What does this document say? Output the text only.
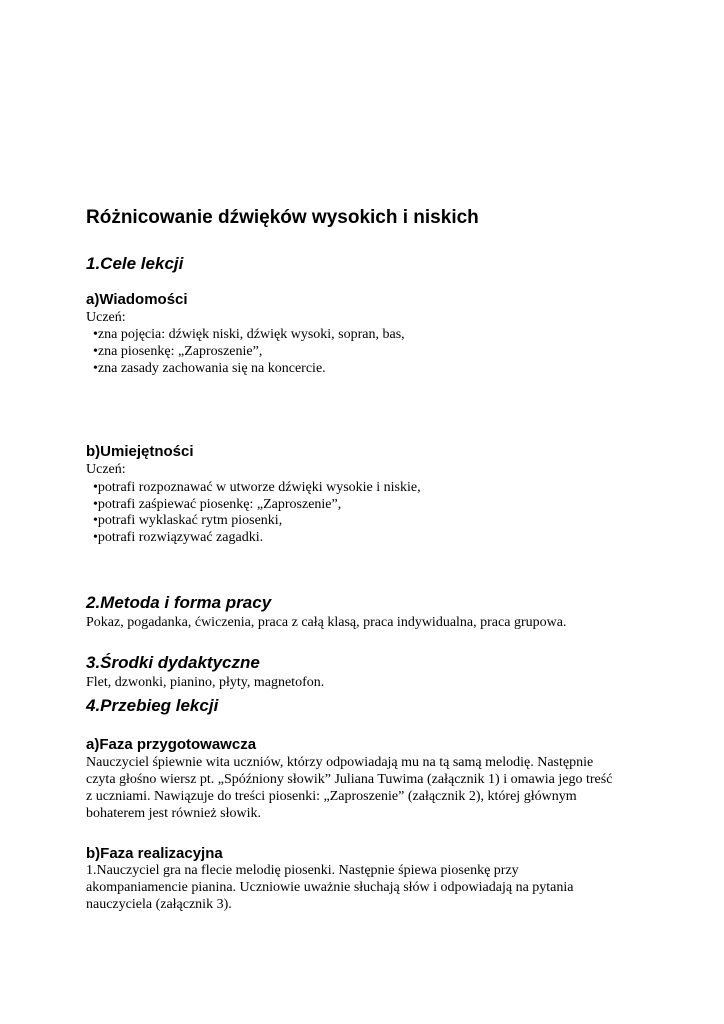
Różnicowanie dźwięków wysokich i niskich
1.Cele lekcji
a)Wiadomości
Uczeń:
•zna pojęcia: dźwięk niski, dźwięk wysoki, sopran, bas,
•zna piosenkę: „Zaproszenie”,
•zna zasady zachowania się na koncercie.
b)Umiejętności
Uczeń:
•potrafi rozpoznawać w utworze dźwięki wysokie i niskie,
•potrafi zaśpiewać piosenkę: „Zaproszenie”,
•potrafi wyklaskać rytm piosenki,
•potrafi rozwiązywać zagadki.
2.Metoda i forma pracy
Pokaz, pogadanka, ćwiczenia, praca z całą klasą, praca indywidualna, praca grupowa.
3.Środki dydaktyczne
Flet, dzwonki, pianino, płyty, magnetofon.
4.Przebieg lekcji
a)Faza przygotowawcza
Nauczyciel śpiewnie wita uczniów, którzy odpowiadają mu na tą samą melodię. Następnie
czyta głośno wiersz pt. „Spóźniony słowik” Juliana Tuwima (załącznik 1) i omawia jego treść
z uczniami. Nawiązuje do treści piosenki: „Zaproszenie” (załącznik 2), której głównym
bohaterem jest również słowik.
b)Faza realizacyjna
1.Nauczyciel gra na flecie melodię piosenki. Następnie śpiewa piosenkę przy
akompaniamencie pianina. Uczniowie uważnie słuchają słów i odpowiadają na pytania
nauczyciela (załącznik 3).
